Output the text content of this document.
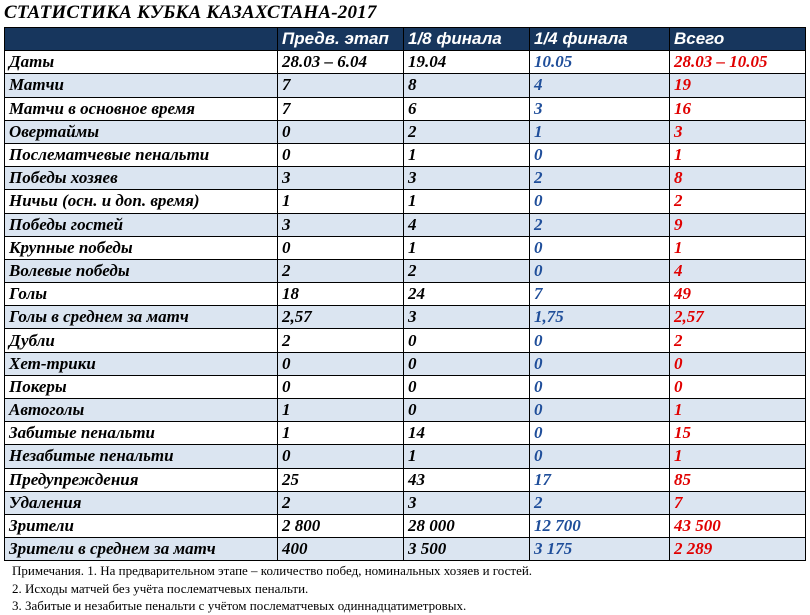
СТАТИСТИКА КУБКА КАЗАХСТАНА-2017
	Предв. этап	1/8 финала	1/4 финала	Всего
Даты	28.03 – 6.04	19.04	10.05	28.03 – 10.05
Матчи	7	8	4	19
Матчи в основное время	7	6	3	16
Овертаймы	0	2	1	3
Послематчевые пенальти	0	1	0	1
Победы хозяев	3	3	2	8
Ничьи (осн. и доп. время)	1	1	0	2
Победы гостей	3	4	2	9
Крупные победы	0	1	0	1
Волевые победы	2	2	0	4
Голы	18	24	7	49
Голы в среднем за матч	2,57	3	1,75	2,57
Дубли	2	0	0	2
Хет-трики	0	0	0	0
Покеры	0	0	0	0
Автоголы	1	0	0	1
Забитые пенальти	1	14	0	15
Незабитые пенальти	0	1	0	1
Предупреждения	25	43	17	85
Удаления	2	3	2	7
Зрители	2 800	28 000	12 700	43 500
Зрители в среднем за матч	400	3 500	3 175	2 289
Примечания. 1. На предварительном этапе – количество побед, номинальных хозяев и гостей.
2. Исходы матчей без учёта послематчевых пенальти.
3. Забитые и незабитые пенальти с учётом послематчевых одиннадцатиметровых.
